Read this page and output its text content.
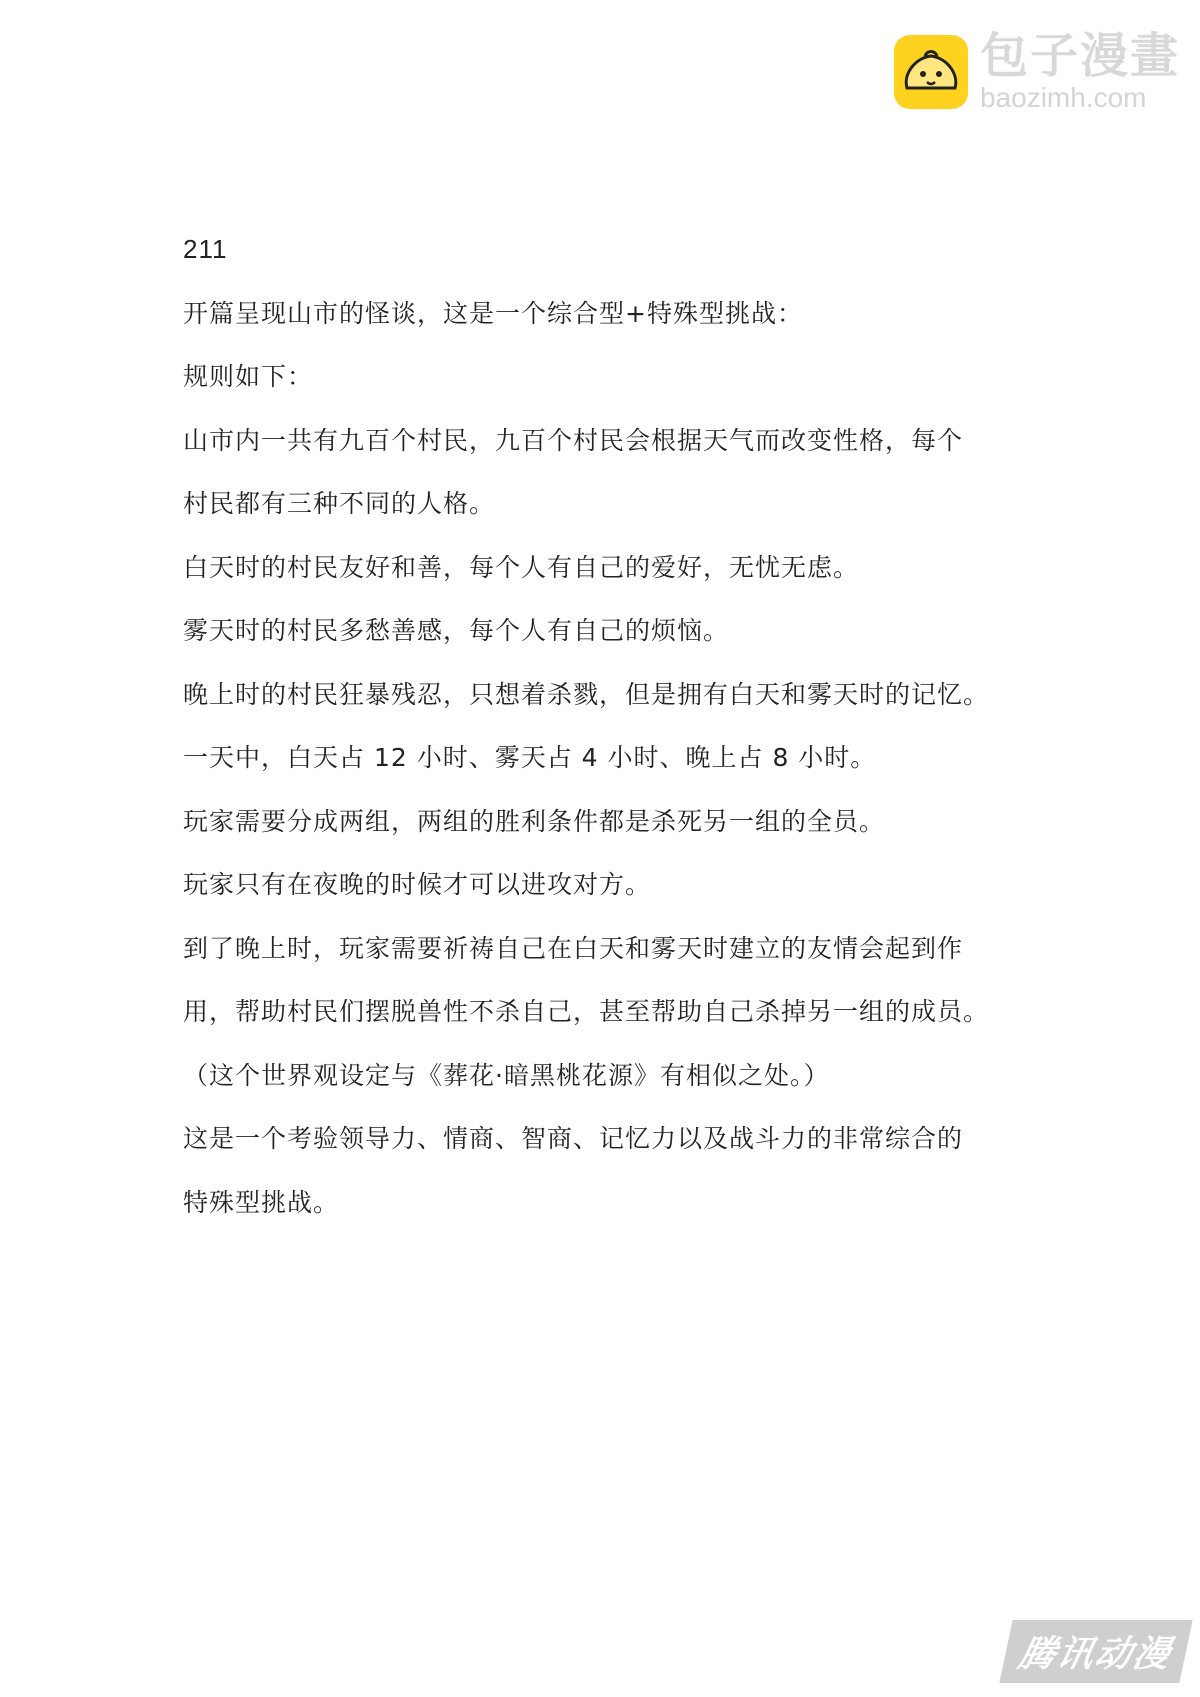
包子漫畫
baozimh.com

211

开篇呈现山市的怪谈，这是一个综合型+特殊型挑战：

规则如下：

山市内一共有九百个村民，九百个村民会根据天气而改变性格，每个

村民都有三种不同的人格。

白天时的村民友好和善，每个人有自己的爱好，无忧无虑。

雾天时的村民多愁善感，每个人有自己的烦恼。

晚上时的村民狂暴残忍，只想着杀戮，但是拥有白天和雾天时的记忆。

一天中，白天占 12 小时、雾天占 4 小时、晚上占 8 小时。

玩家需要分成两组，两组的胜利条件都是杀死另一组的全员。

玩家只有在夜晚的时候才可以进攻对方。

到了晚上时，玩家需要祈祷自己在白天和雾天时建立的友情会起到作

用，帮助村民们摆脱兽性不杀自己，甚至帮助自己杀掉另一组的成员。

（这个世界观设定与《葬花·暗黑桃花源》有相似之处。）

这是一个考验领导力、情商、智商、记忆力以及战斗力的非常综合的

特殊型挑战。

腾讯动漫
